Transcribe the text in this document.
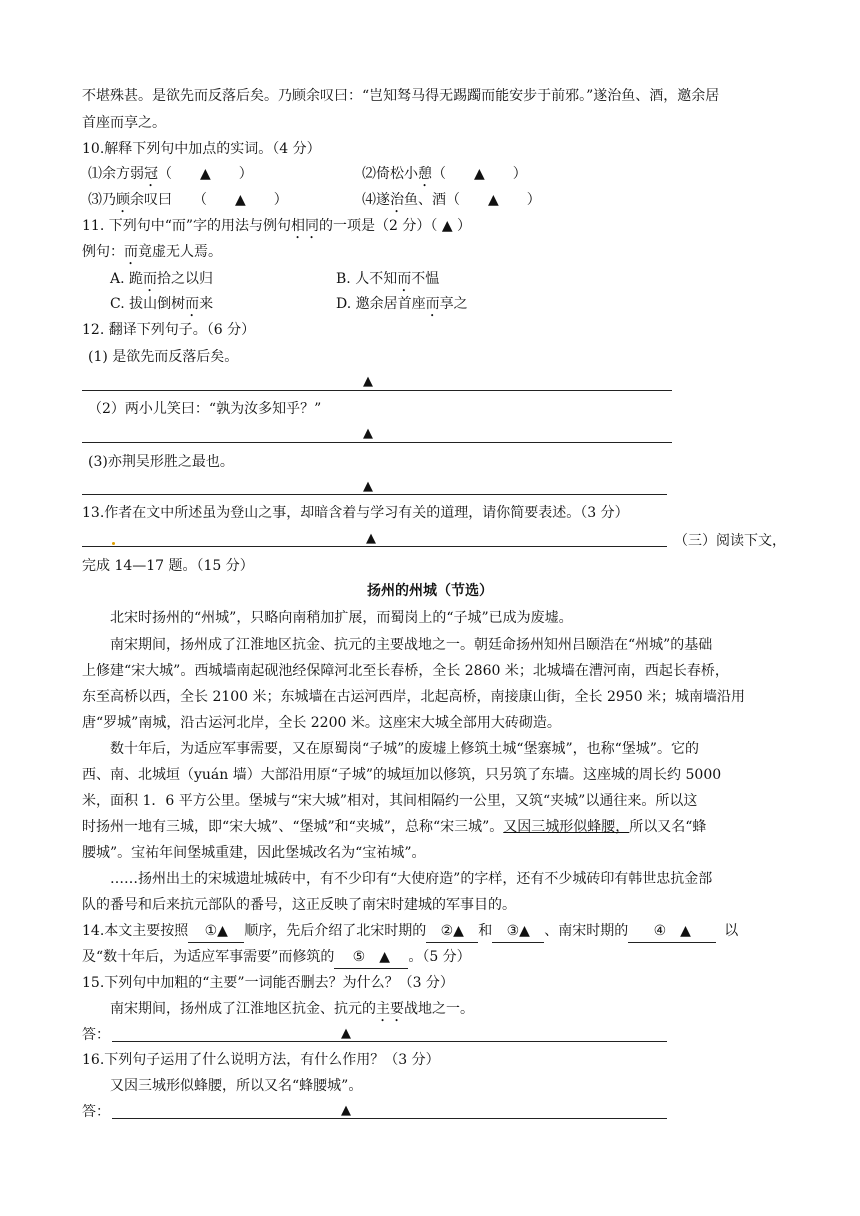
不堪殊甚。是欲先而反落后矣。乃顾余叹曰：“岂知驽马得无踢躅而能安步于前邪。”遂治鱼、酒，邀余居
首座而享之。
10.解释下列句中加点的实词。（4 分）
⑴余方弱冠（　　▲　　）	⑵倚松小憩（　　▲　　）
⑶乃顾余叹曰　　（　　▲　　）	⑷遂治鱼、酒（　　▲　　）
11. 下列句中“而”字的用法与例句相同的一项是（2 分）（ ▲ ）
例句：而竟虚无人焉。
A. 跪而拾之以归	B. 人不知而不愠
C. 拔山倒树而来	D. 邀余居首座而享之
12. 翻译下列句子。（6 分）
(1) 是欲先而反落后矣。
▲
（2）两小儿笑曰：“孰为汝多知乎？”
▲
(3)亦荆吴形胜之最也。
▲
13.作者在文中所述虽为登山之事，却暗含着与学习有关的道理，请你简要表述。（3 分）
▲	（三）阅读下文，
完成 14—17 题。（15 分）
扬州的州城（节选）
北宋时扬州的“州城”，只略向南稍加扩展，而蜀岗上的“子城”已成为废墟。
南宋期间，扬州成了江淮地区抗金、抗元的主要战地之一。朝廷命扬州知州吕颐浩在“州城”的基础
上修建“宋大城”。西城墙南起砚池经保障河北至长春桥，全长 2860 米；北城墙在漕河南，西起长春桥，
东至高桥以西，全长 2100 米；东城墙在古运河西岸，北起高桥，南接康山街，全长 2950 米；城南墙沿用
唐“罗城”南城，沿古运河北岸，全长 2200 米。这座宋大城全部用大砖砌造。
数十年后，为适应军事需要，又在原蜀岗“子城”的废墟上修筑土城“堡寨城”，也称“堡城”。它的
西、南、北城垣（yuán 墙）大部沿用原“子城”的城垣加以修筑，只另筑了东墙。这座城的周长约 5000
米，面积 1．6 平方公里。堡城与“宋大城”相对，其间相隔约一公里，又筑“夹城”以通往来。所以这
时扬州一地有三城，即“宋大城”、“堡城”和“夹城”，总称“宋三城”。又因三城形似蜂腰，所以又名“蜂
腰城”。宝祐年间堡城重建，因此堡城改名为“宝祐城”。
……扬州出土的宋城遗址城砖中，有不少印有“大使府造”的字样，还有不少城砖印有韩世忠抗金部
队的番号和后来抗元部队的番号，这正反映了南宋时建城的军事目的。
14.本文主要按照 ①▲ 顺序，先后介绍了北宋时期的 ②▲ 和 ③▲ 、南宋时期的 ④　▲ 以
及“数十年后，为适应军事需要”而修筑的 ⑤　▲ 。（5 分）
15.下列句中加粗的“主要”一词能否删去？为什么？（3 分）
南宋期间，扬州成了江淮地区抗金、抗元的主要战地之一。
答：	▲
16.下列句子运用了什么说明方法，有什么作用？（3 分）
又因三城形似蜂腰，所以又名“蜂腰城”。
答：	▲
